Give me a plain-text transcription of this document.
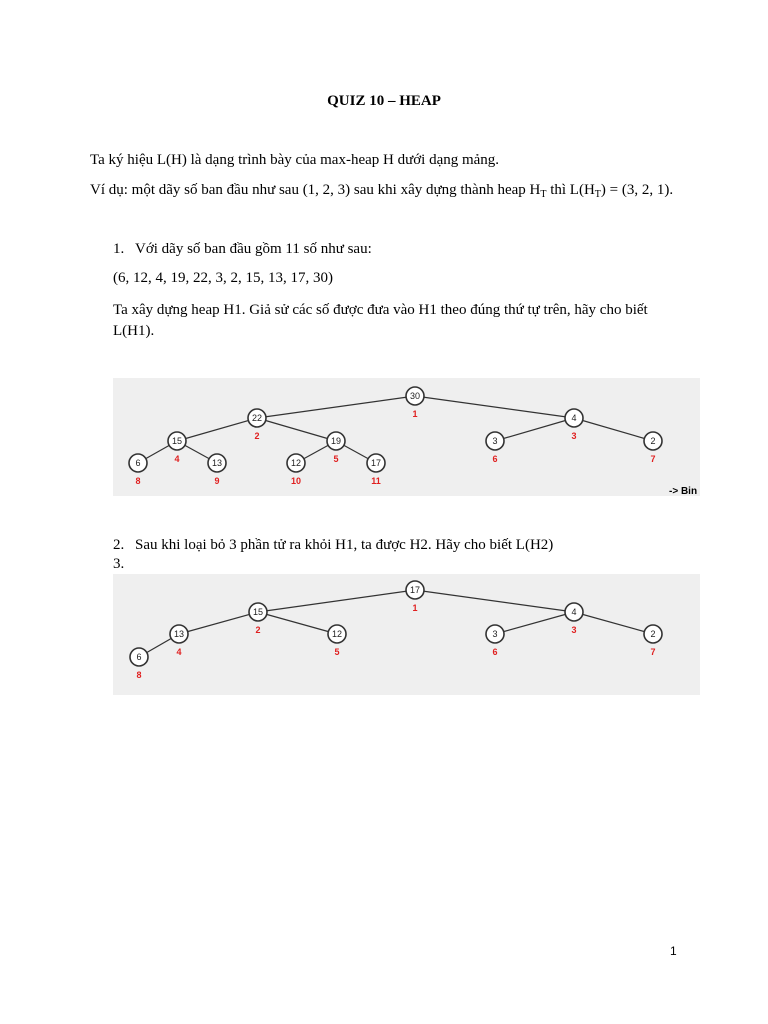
QUIZ 10 – HEAP
Ta ký hiệu L(H) là dạng trình bày của max-heap H dưới dạng mảng.
Ví dụ: một dãy số ban đầu như sau (1, 2, 3) sau khi xây dựng thành heap $H_T$ thì $L(H_T) = (3$, 2, 1).
1. Với dãy số ban đầu gồm 11 số như sau:
(6, 12, 4, 19, 22, 3, 2, 15, 13, 17, 30)
Ta xây dựng heap H1. Giả sử các số được đưa vào H1 theo đúng thứ tự trên, hãy cho biết L(H1).
30
1
22
2
4
3
15
4
19
5
3
6
2
7
6
8
13
9
12
10
17
11
-> Bin
2. Sau khi loại bỏ 3 phần tử ra khỏi H1, ta được H2. Hãy cho biết L(H2)
3.
17
1
15
2
4
3
13
4
12
5
3
6
2
7
6
8
1
